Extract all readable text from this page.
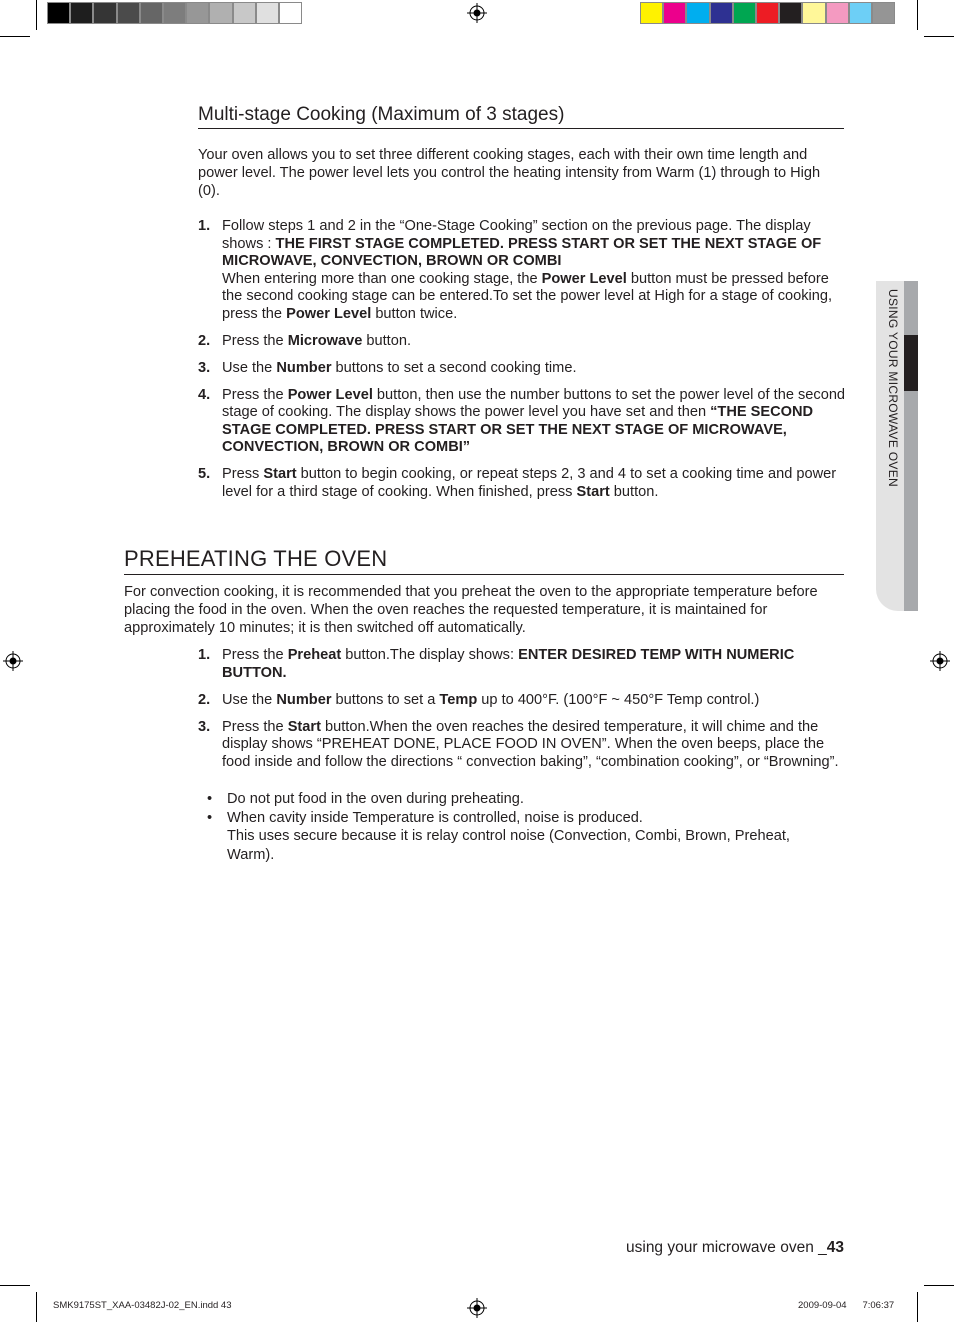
Multi-stage Cooking (Maximum of 3 stages)

Your oven allows you to set three different cooking stages, each with their own time length and power level. The power level lets you control the heating intensity from Warm (1) through to High (0).

1. Follow steps 1 and 2 in the “One-Stage Cooking” section on the previous page. The display shows : THE FIRST STAGE COMPLETED. PRESS START OR SET THE NEXT STAGE OF MICROWAVE, CONVECTION, BROWN OR COMBI
When entering more than one cooking stage, the Power Level button must be pressed before the second cooking stage can be entered.To set the power level at High for a stage of cooking, press the Power Level button twice.
2. Press the Microwave button.
3. Use the Number buttons to set a second cooking time.
4. Press the Power Level button, then use the number buttons to set the power level of the second stage of cooking. The display shows the power level you have set and then “THE SECOND STAGE COMPLETED. PRESS START OR SET THE NEXT STAGE OF MICROWAVE, CONVECTION, BROWN OR COMBI”
5. Press Start button to begin cooking, or repeat steps 2, 3 and 4 to set a cooking time and power level for a third stage of cooking. When finished, press Start button.
PREHEATING THE OVEN

For convection cooking, it is recommended that you preheat the oven to the appropriate temperature before placing the food in the oven. When the oven reaches the requested temperature, it is maintained for approximately 10 minutes; it is then switched off automatically.

1. Press the Preheat button.The display shows: ENTER DESIRED TEMP WITH NUMERIC BUTTON.
2. Use the Number buttons to set a Temp up to 400°F. (100°F ~ 450°F Temp control.)
3. Press the Start button.When the oven reaches the desired temperature, it will chime and the display shows “PREHEAT DONE, PLACE FOOD IN OVEN”. When the oven beeps, place the food inside and follow the directions “ convection baking”, “combination cooking”, or “Browning”.
• Do not put food in the oven during preheating.
• When cavity inside Temperature is controlled, noise is produced.
This uses secure because it is relay control noise (Convection, Combi, Brown, Preheat, Warm).
USING YOUR MICROWAVE OVEN
using your microwave oven _43
SMK9175ST_XAA-03482J-02_EN.indd 43	2009-09-04 7:06:37
